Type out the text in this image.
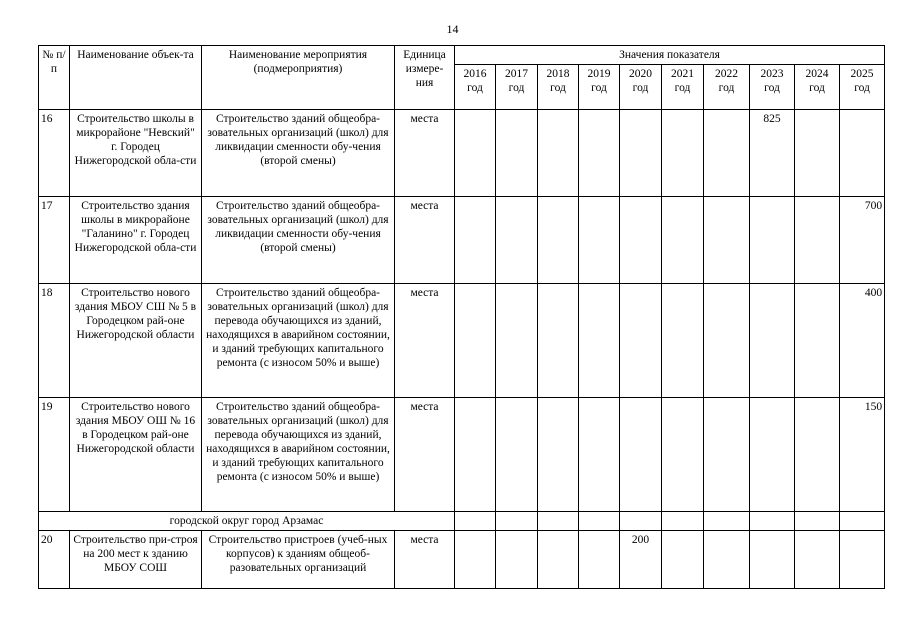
14
№ п/п	Наименование объек-та	Наименование мероприятия (подмероприятия)	Единица измере-ния	Значения показателя									
				2016 год	2017 год	2018 год	2019 год	2020 год	2021 год	2022 год	2023 год	2024 год	2025 год
16	Строительство школы в микрорайоне "Невский" г. Городец Нижегородской обла-сти	Строительство зданий общеобра-зовательных организаций (школ) для ликвидации сменности обу-чения (второй смены)	места								825		
17	Строительство здания школы в микрорайоне "Галанино" г. Городец Нижегородской обла-сти	Строительство зданий общеобра-зовательных организаций (школ) для ликвидации сменности обу-чения (второй смены)	места										700
18	Строительство нового здания МБОУ СШ № 5 в Городецком рай-оне Нижегородской области	Строительство зданий общеобра-зовательных организаций (школ) для перевода обучающихся из зданий, находящихся в аварийном состоянии, и зданий требующих капитального ремонта (с износом 50% и выше)	места										400
19	Строительство нового здания МБОУ ОШ № 16 в Городецком рай-оне Нижегородской области	Строительство зданий общеобра-зовательных организаций (школ) для перевода обучающихся из зданий, находящихся в аварийном состоянии, и зданий требующих капитального ремонта (с износом 50% и выше)	места										150
городской округ город Арзамас													
20	Строительство при-строя на 200 мест к зданию МБОУ СОШ	Строительство пристроев (учеб-ных корпусов) к зданиям общеоб-разовательных организаций	места					200					
